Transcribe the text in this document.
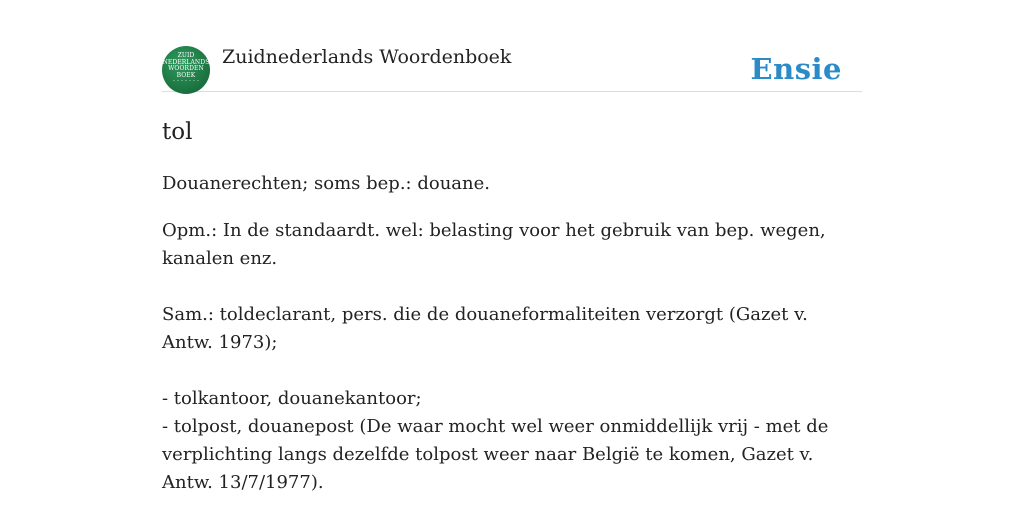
ZUID
NEDERLANDS
WOORDEN
BOEK
· · · · · · ·
Zuidnederlands Woordenboek	Ensie
tol

Douanerechten; soms bep.: douane.

Opm.: In de standaardt. wel: belasting voor het gebruik van bep. wegen, kanalen enz.

Sam.: toldeclarant, pers. die de douaneformaliteiten verzorgt (Gazet v. Antw. 1973);

- tolkantoor, douanekantoor;

- tolpost, douanepost (De waar mocht wel weer onmiddellijk vrij - met de verplichting langs dezelfde tolpost weer naar België te komen, Gazet v. Antw. 13/7/1977).
